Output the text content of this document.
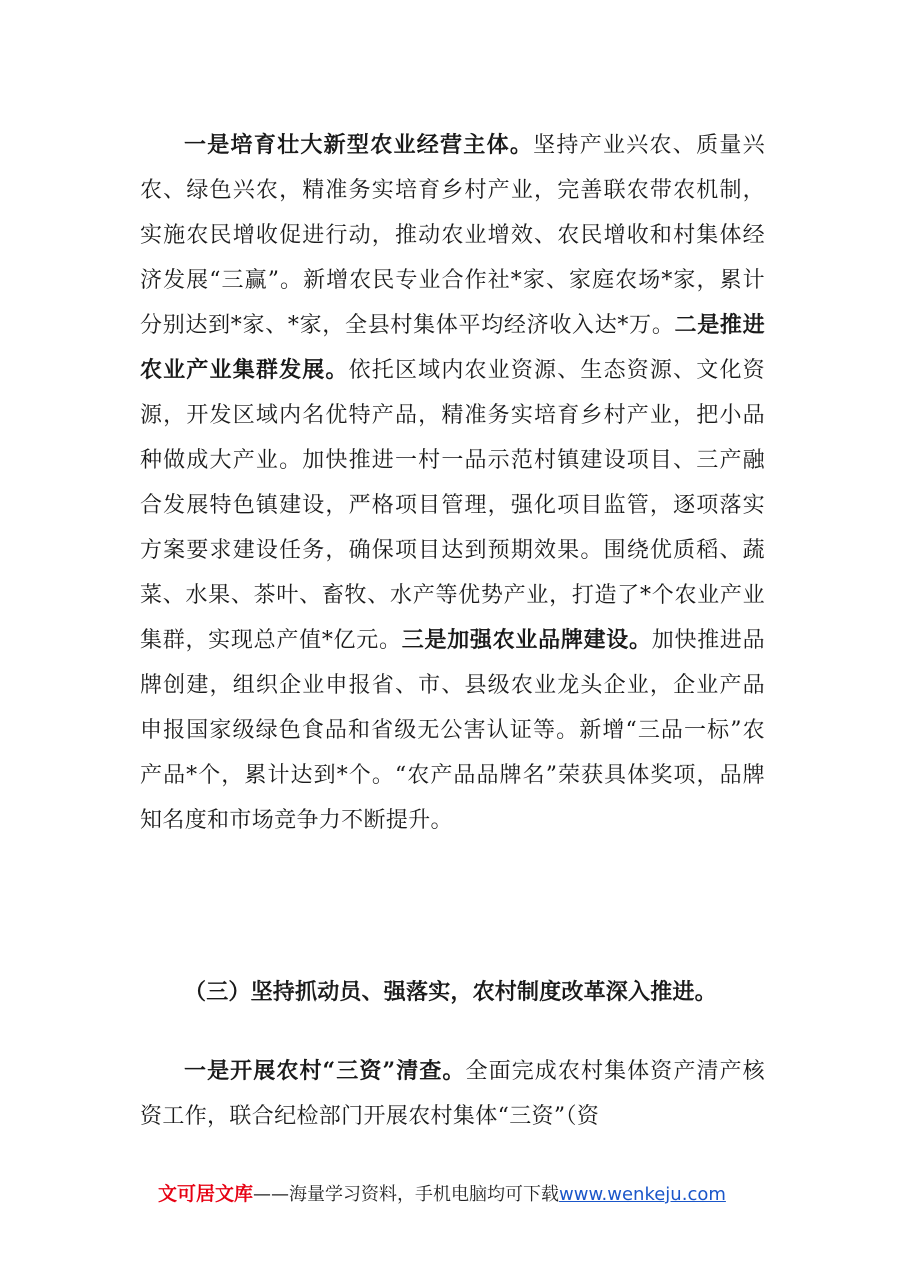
一是培育壮大新型农业经营主体。坚持产业兴农、质量兴农、绿色兴农，精准务实培育乡村产业，完善联农带农机制，实施农民增收促进行动，推动农业增效、农民增收和村集体经济发展“三赢”。新增农民专业合作社*家、家庭农场*家，累计分别达到*家、*家，全县村集体平均经济收入达*万。二是推进农业产业集群发展。依托区域内农业资源、生态资源、文化资源，开发区域内名优特产品，精准务实培育乡村产业，把小品种做成大产业。加快推进一村一品示范村镇建设项目、三产融合发展特色镇建设，严格项目管理，强化项目监管，逐项落实方案要求建设任务，确保项目达到预期效果。围绕优质稻、蔬菜、水果、茶叶、畜牧、水产等优势产业，打造了*个农业产业集群，实现总产值*亿元。三是加强农业品牌建设。加快推进品牌创建，组织企业申报省、市、县级农业龙头企业，企业产品申报国家级绿色食品和省级无公害认证等。新增“三品一标”农产品*个，累计达到*个。“农产品品牌名”荣获具体奖项，品牌知名度和市场竞争力不断提升。

（三）坚持抓动员、强落实，农村制度改革深入推进。

一是开展农村“三资”清查。全面完成农村集体资产清产核资工作，联合纪检部门开展农村集体“三资”（资

文可居文库——海量学习资料，手机电脑均可下载www.wenkeju.com
